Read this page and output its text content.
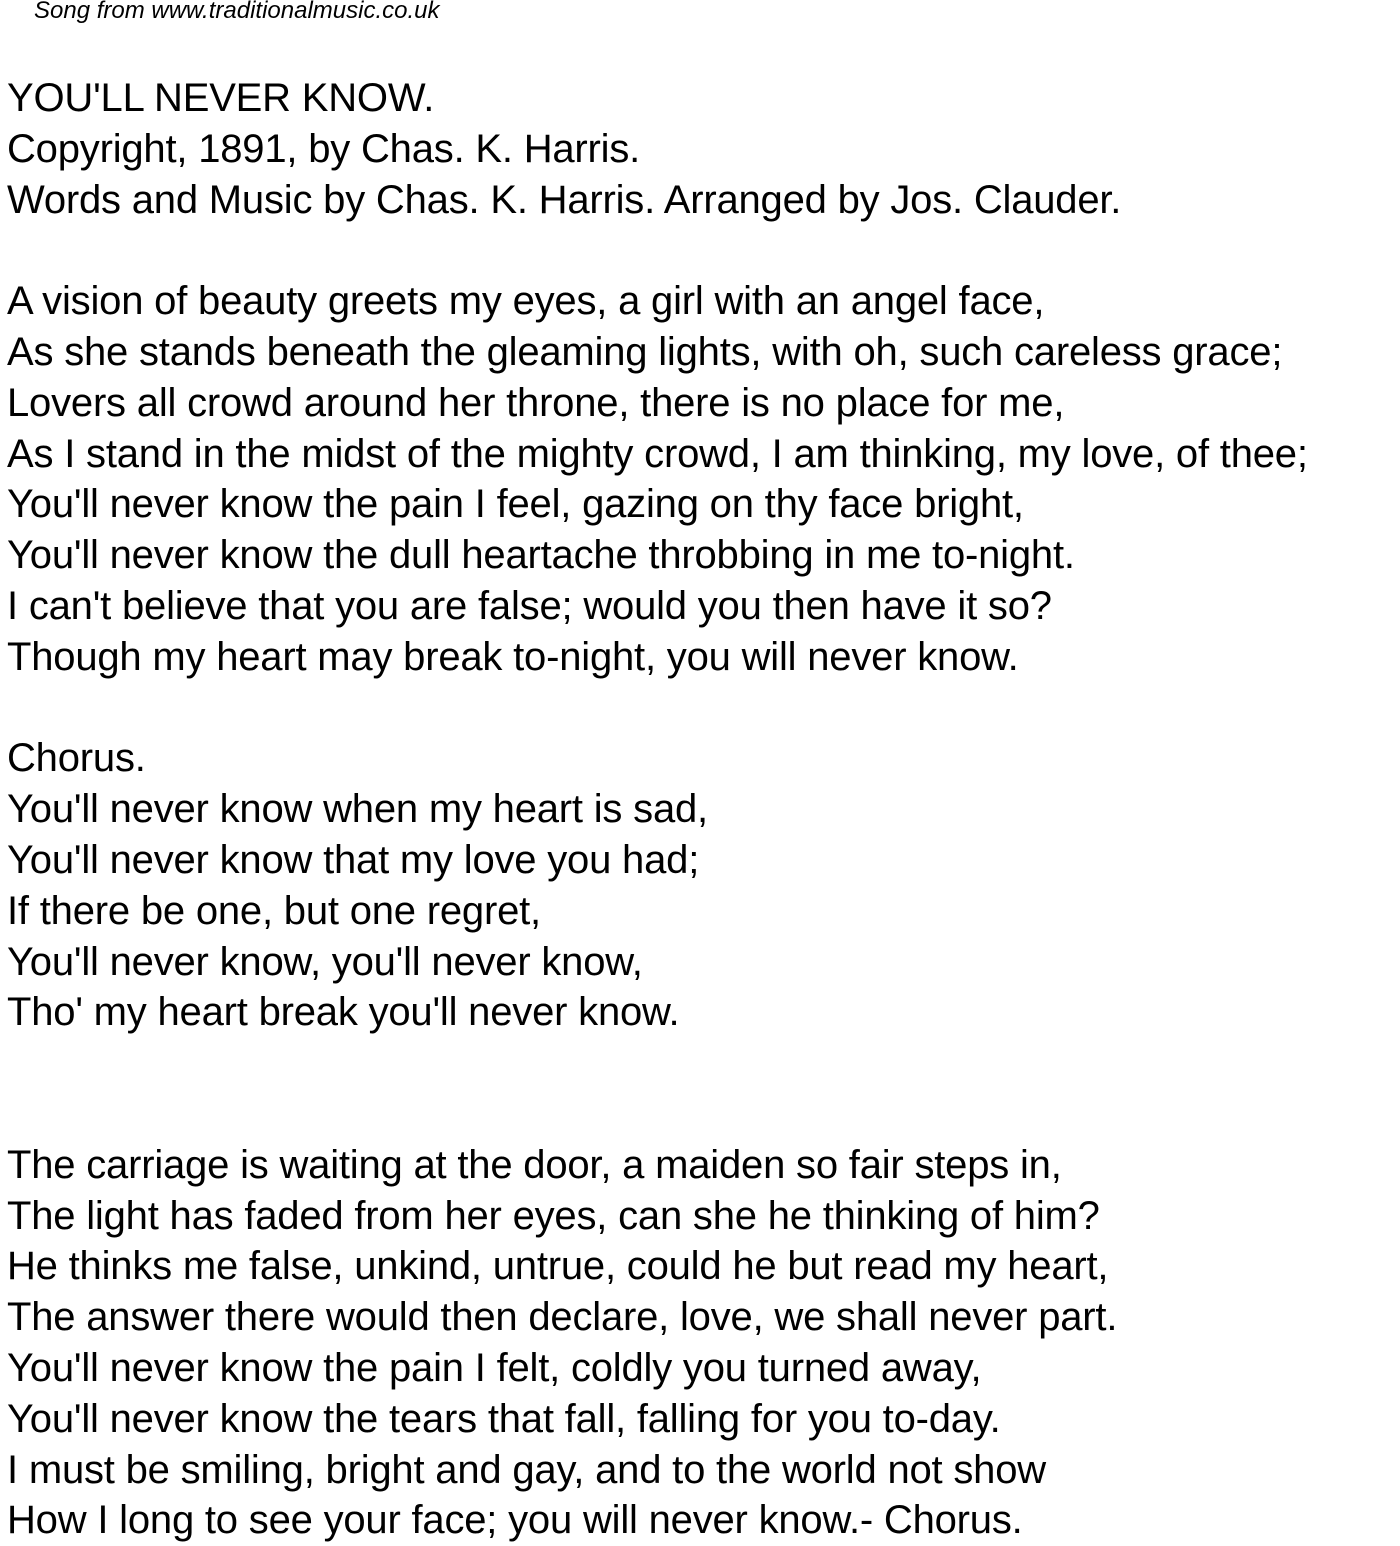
Song from www.traditionalmusic.co.uk
YOU'LL NEVER KNOW.
Copyright, 1891, by Chas. K. Harris.
Words and Music by Chas. K. Harris. Arranged by Jos. Clauder.
A vision of beauty greets my eyes, a girl with an angel face,
As she stands beneath the gleaming lights, with oh, such careless grace;
Lovers all crowd around her throne, there is no place for me,
As I stand in the midst of the mighty crowd, I am thinking, my love, of thee;
You'll never know the pain I feel, gazing on thy face bright,
You'll never know the dull heartache throbbing in me to-night.
I can't believe that you are false; would you then have it so?
Though my heart may break to-night, you will never know.
Chorus.
You'll never know when my heart is sad,
You'll never know that my love you had;
If there be one, but one regret,
You'll never know, you'll never know,
Tho' my heart break you'll never know.
The carriage is waiting at the door, a maiden so fair steps in,
The light has faded from her eyes, can she he thinking of him?
He thinks me false, unkind, untrue, could he but read my heart,
The answer there would then declare, love, we shall never part.
You'll never know the pain I felt, coldly you turned away,
You'll never know the tears that fall, falling for you to-day.
I must be smiling, bright and gay, and to the world not show
How I long to see your face; you will never know.- Chorus.
